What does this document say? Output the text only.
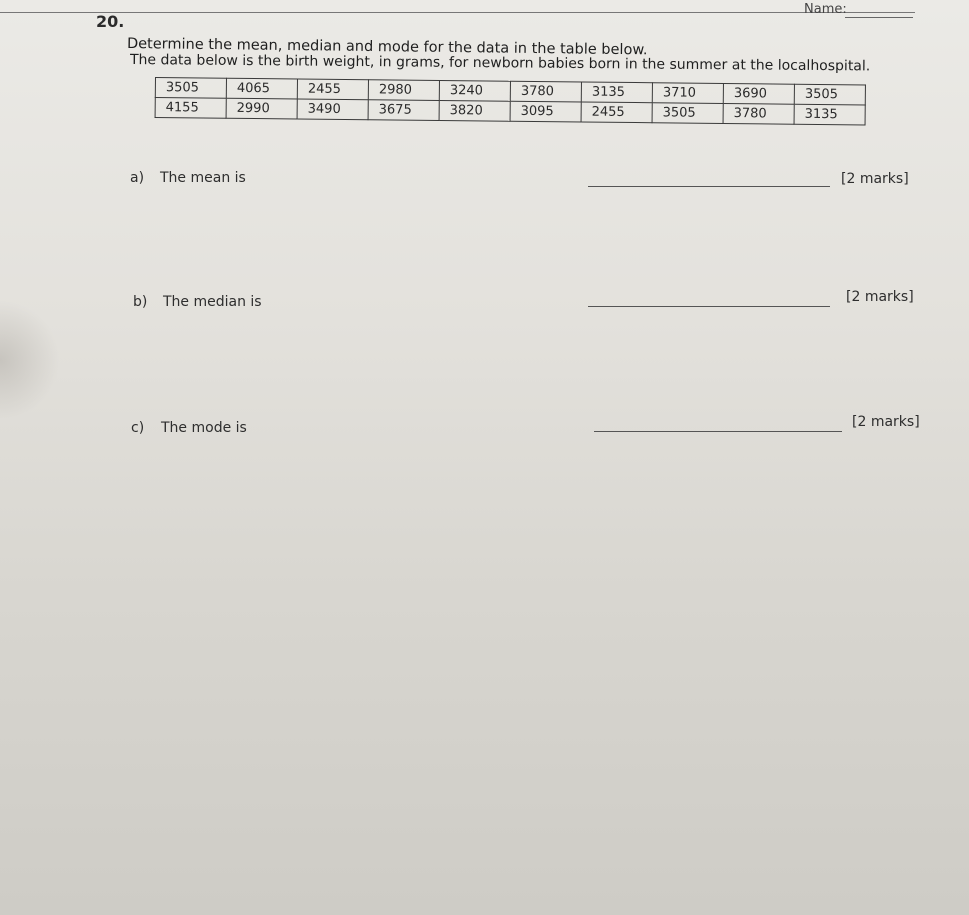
Name:
20.
Determine the mean, median and mode for the data in the table below.
The data below is the birth weight, in grams, for newborn babies born in the summer at the localhospital.
3505	4065	2455	2980	3240	3780	3135	3710	3690	3505
4155	2990	3490	3675	3820	3095	2455	3505	3780	3135
a) The mean is	[2 marks]
b) The median is	[2 marks]
c) The mode is	[2 marks]
